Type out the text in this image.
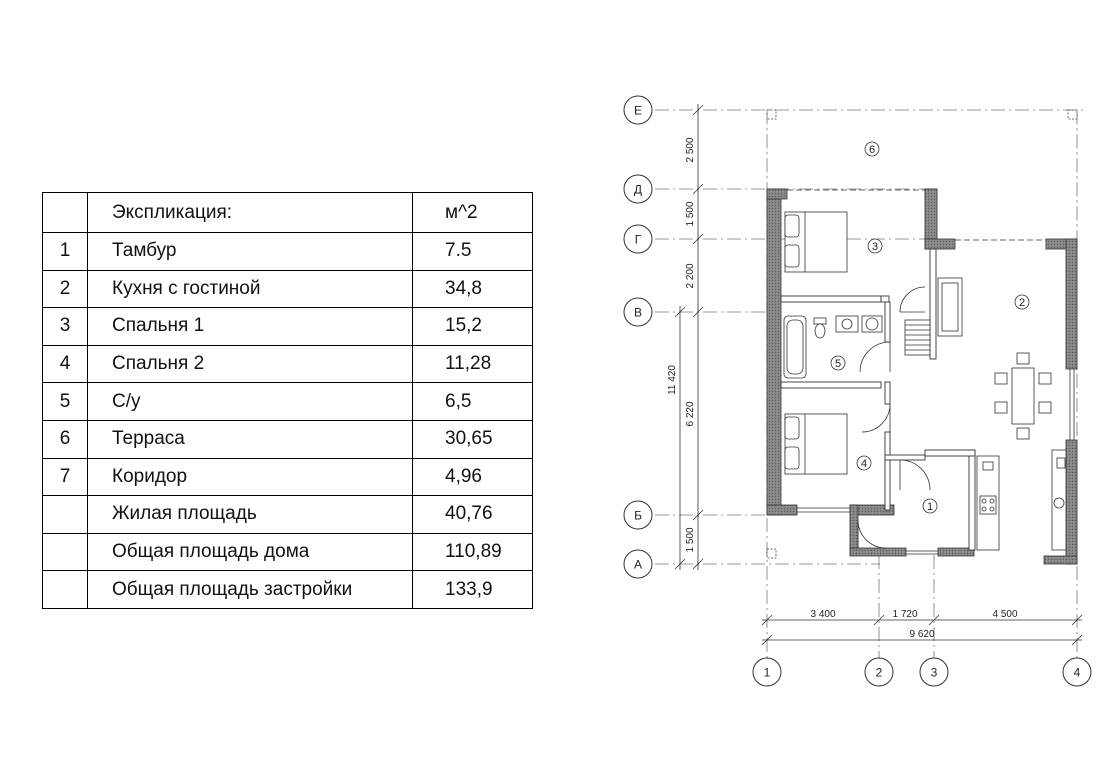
	Экспликация:	м^2
1	Тамбур	7.5
2	Кухня с гостиной	34,8
3	Спальня 1	15,2
4	Спальня 2	11,28
5	С/у	6,5
6	Терраса	30,65
7	Коридор	4,96
	Жилая площадь	40,76
	Общая площадь дома	110,89
	Общая площадь застройки	133,9
Е
Д
Г
В
Б
А
1	2	3	4
2 500
1 500
2 200
6 220
1 500
11 420
3 400	1 720	4 500
9 620
1
2
3
4
5
6
